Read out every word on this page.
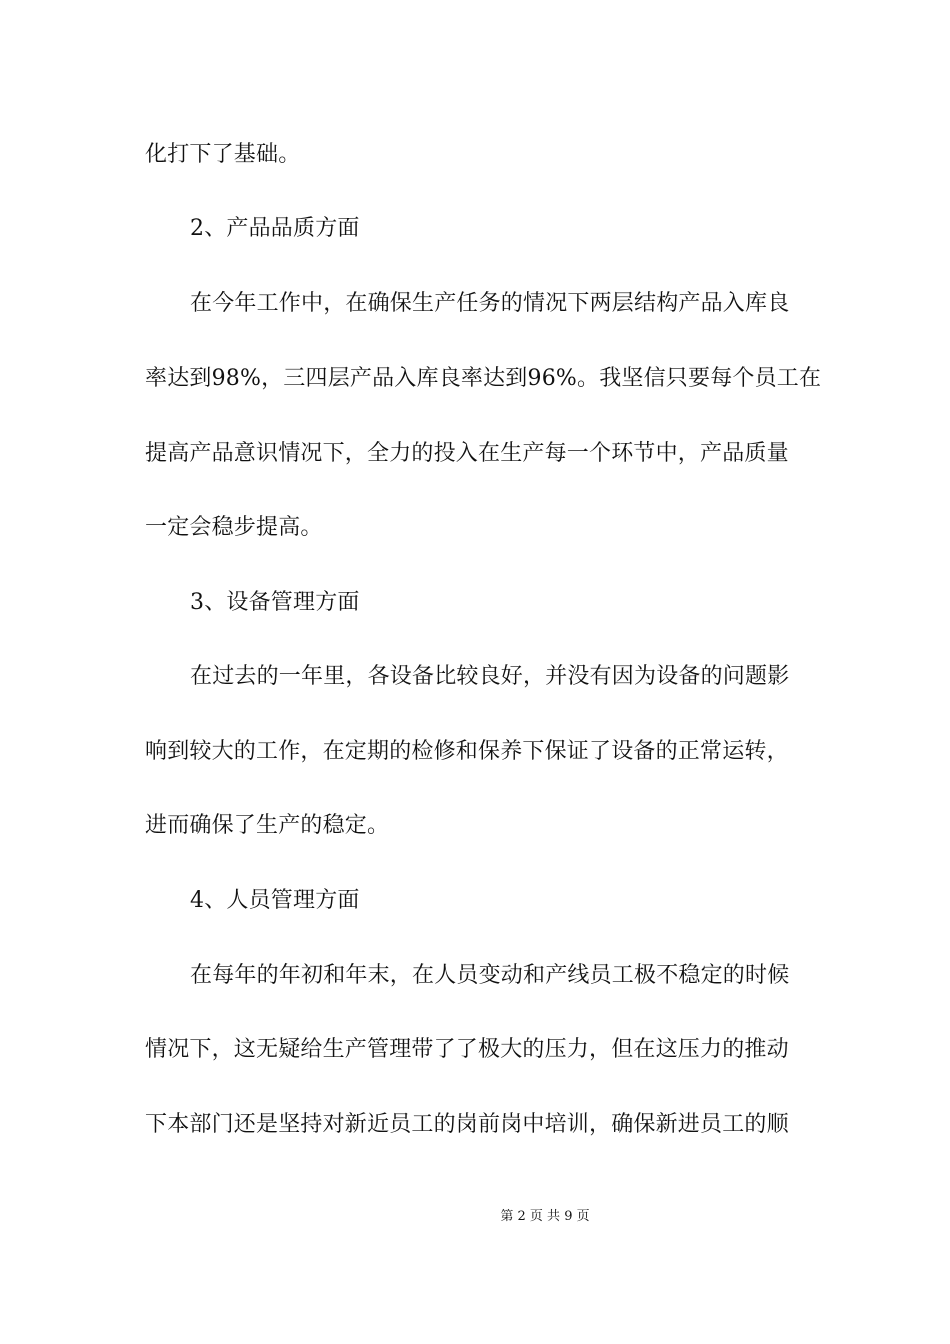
化打下了基础。
2、产品品质方面
在今年工作中，在确保生产任务的情况下两层结构产品入库良
率达到98%，三四层产品入库良率达到96%。我坚信只要每个员工在
提高产品意识情况下，全力的投入在生产每一个环节中，产品质量
一定会稳步提高。
3、设备管理方面
在过去的一年里，各设备比较良好，并没有因为设备的问题影
响到较大的工作，在定期的检修和保养下保证了设备的正常运转，
进而确保了生产的稳定。
4、人员管理方面
在每年的年初和年末，在人员变动和产线员工极不稳定的时候
情况下，这无疑给生产管理带了了极大的压力，但在这压力的推动
下本部门还是坚持对新近员工的岗前岗中培训，确保新进员工的顺
第 2 页 共 9 页
